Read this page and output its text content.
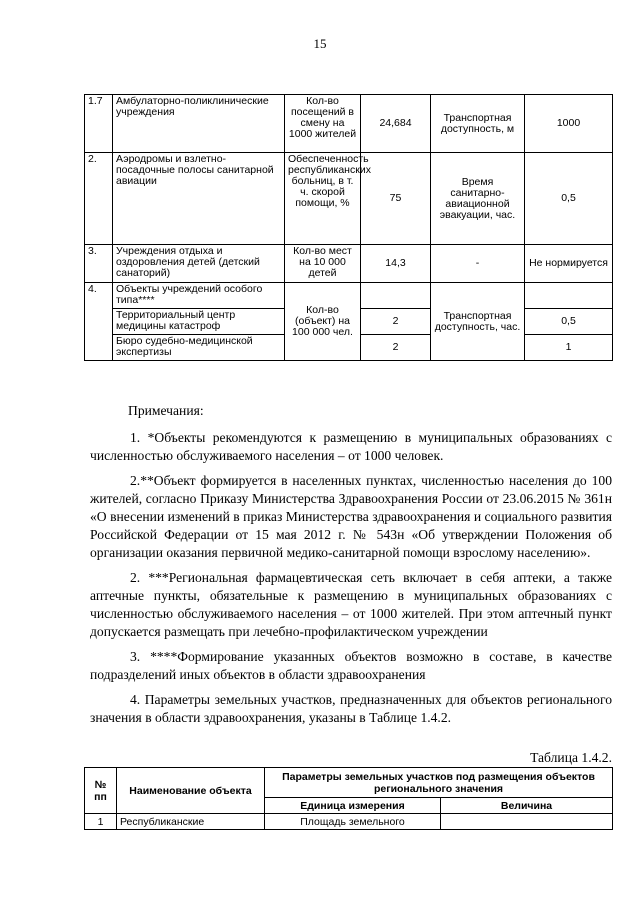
15
1.7	Амбулаторно-поликлинические учреждения	Кол-во посещений в смену на 1000 жителей	24,684	Транспортная доступность, м	1000
2.	Аэродромы и взлетно-посадочные полосы санитарной авиации	Обеспеченность республиканских больниц, в т. ч. скорой помощи, %	75	Время санитарно-авиационной эвакуации, час.	0,5
3.	Учреждения отдыха и оздоровления детей (детский санаторий)	Кол-во мест на 10 000 детей	14,3	-	Не нормируется
4.	Объекты учреждений особого типа****	Кол-во (объект) на 100 000 чел.		Транспортная доступность, час.	
	Территориальный центр медицины катастроф		2		0,5
	Бюро судебно-медицинской экспертизы		2		1

Примечания:

1. *Объекты рекомендуются к размещению в муниципальных образованиях с численностью обслуживаемого населения – от 1000 человек.

2.**Объект формируется в населенных пунктах, численностью населения до 100 жителей, согласно Приказу Министерства Здравоохранения России от 23.06.2015 № 361н «О внесении изменений в приказ Министерства здравоохранения и социального развития Российской Федерации от 15 мая 2012 г. № 543н «Об утверждении Положения об организации оказания первичной медико-санитарной помощи взрослому населению».

2. ***Региональная фармацевтическая сеть включает в себя аптеки, а также аптечные пункты, обязательные к размещению в муниципальных образованиях с численностью обслуживаемого населения – от 1000 жителей. При этом аптечный пункт допускается размещать при лечебно-профилактическом учреждении

3. ****Формирование указанных объектов возможно в составе, в качестве подразделений иных объектов в области здравоохранения

4. Параметры земельных участков, предназначенных для объектов регионального значения в области здравоохранения, указаны в Таблице 1.4.2.

Таблица 1.4.2.
№ пп	Наименование объекта	Параметры земельных участков под размещения объектов регионального значения	
		Единица измерения	Величина
1	Республиканские	Площадь земельного	
